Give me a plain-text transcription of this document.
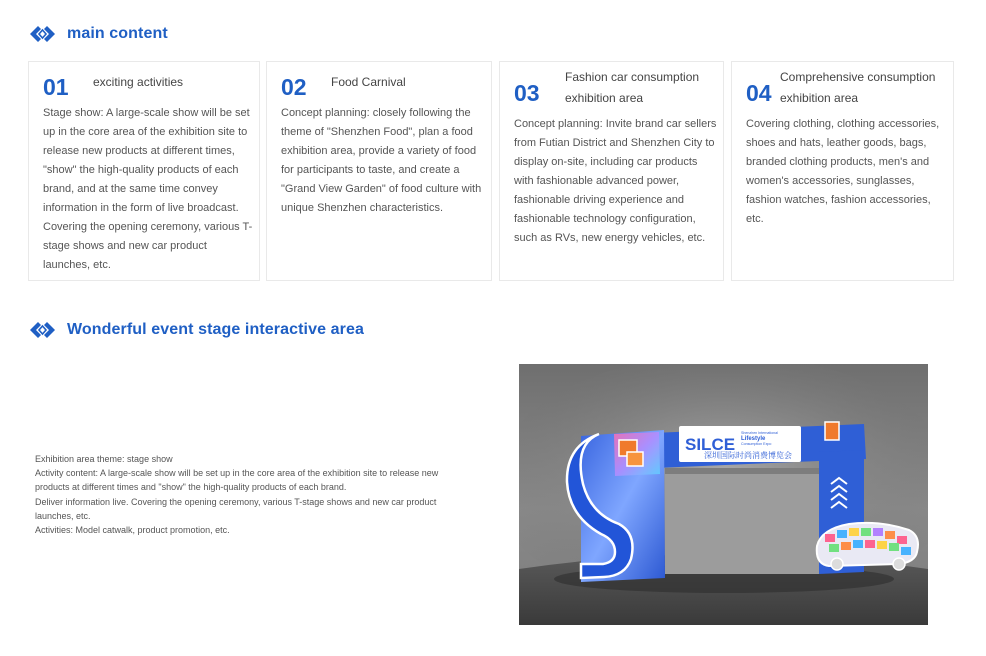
main content
01 exciting activities
Stage show: A large-scale show will be set up in the core area of the exhibition site to release new products at different times, "show" the high-quality products of each brand, and at the same time convey information in the form of live broadcast. Covering the opening ceremony, various T-stage shows and new car product launches, etc.
02 Food Carnival
Concept planning: closely following the theme of "Shenzhen Food", plan a food exhibition area, provide a variety of food for participants to taste, and create a "Grand View Garden" of food culture with unique Shenzhen characteristics.
03
Fashion car consumption exhibition area
Concept planning: Invite brand car sellers from Futian District and Shenzhen City to display on-site, including car products with fashionable advanced power, fashionable driving experience and fashionable technology configuration, such as RVs, new energy vehicles, etc.
04
Comprehensive consumption exhibition area
Covering clothing, clothing accessories, shoes and hats, leather goods, bags, branded clothing products, men's and women's accessories, sunglasses, fashion watches, fashion accessories, etc.
Wonderful event stage interactive area

Exhibition area theme: stage show

Activity content: A large-scale show will be set up in the core area of the exhibition site to release new products at different times and "show" the high-quality products of each brand.

Deliver information live. Covering the opening ceremony, various T-stage shows and new car product launches, etc.

Activities: Model catwalk, product promotion, etc.

SILCE
Shenzhen International
Lifestyle
Consumption Expo
深圳国际时尚消费博览会
